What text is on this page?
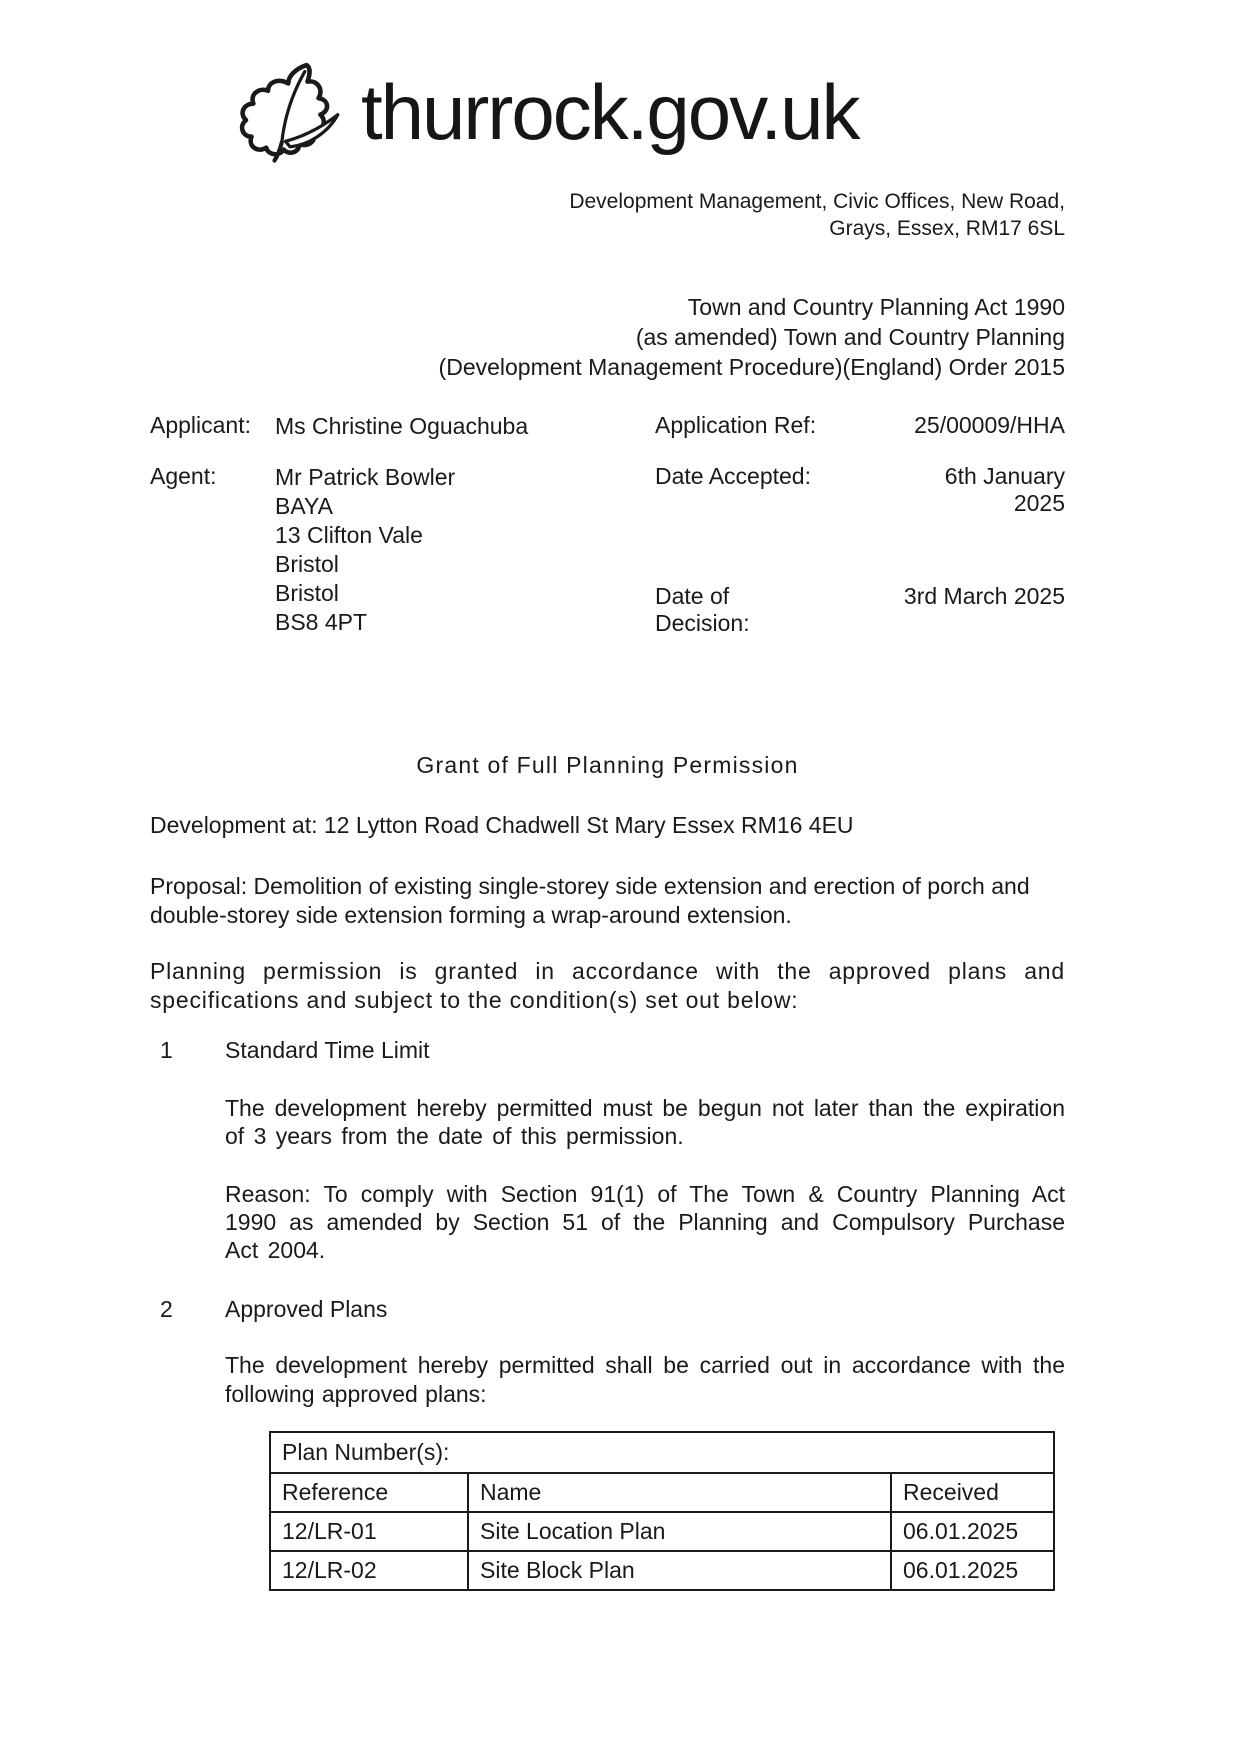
thurrock.gov.uk
Development Management, Civic Offices, New Road,
Grays, Essex, RM17 6SL
Town and Country Planning Act 1990
(as amended) Town and Country Planning
(Development Management Procedure)(England) Order 2015
Applicant:	Ms Christine Oguachuba	Application Ref:	25/00009/HHA
Agent:	Mr Patrick Bowler
BAYA
13 Clifton Vale
Bristol
Bristol
BS8 4PT
Date Accepted:	6th January 2025
Date of Decision:
3rd March 2025

Grant of Full Planning Permission

Development at: 12 Lytton Road Chadwell St Mary Essex RM16 4EU

Proposal: Demolition of existing single-storey side extension and erection of porch and double-storey side extension forming a wrap-around extension.

Planning permission is granted in accordance with the approved plans and specifications and subject to the condition(s) set out below:

1	Standard Time Limit

The development hereby permitted must be begun not later than the expiration of 3 years from the date of this permission.

Reason: To comply with Section 91(1) of The Town & Country Planning Act 1990 as amended by Section 51 of the Planning and Compulsory Purchase Act 2004.

2	Approved Plans

The development hereby permitted shall be carried out in accordance with the following approved plans:

Plan Number(s):		
Reference	Name	Received
12/LR-01	Site Location Plan	06.01.2025
12/LR-02	Site Block Plan	06.01.2025
